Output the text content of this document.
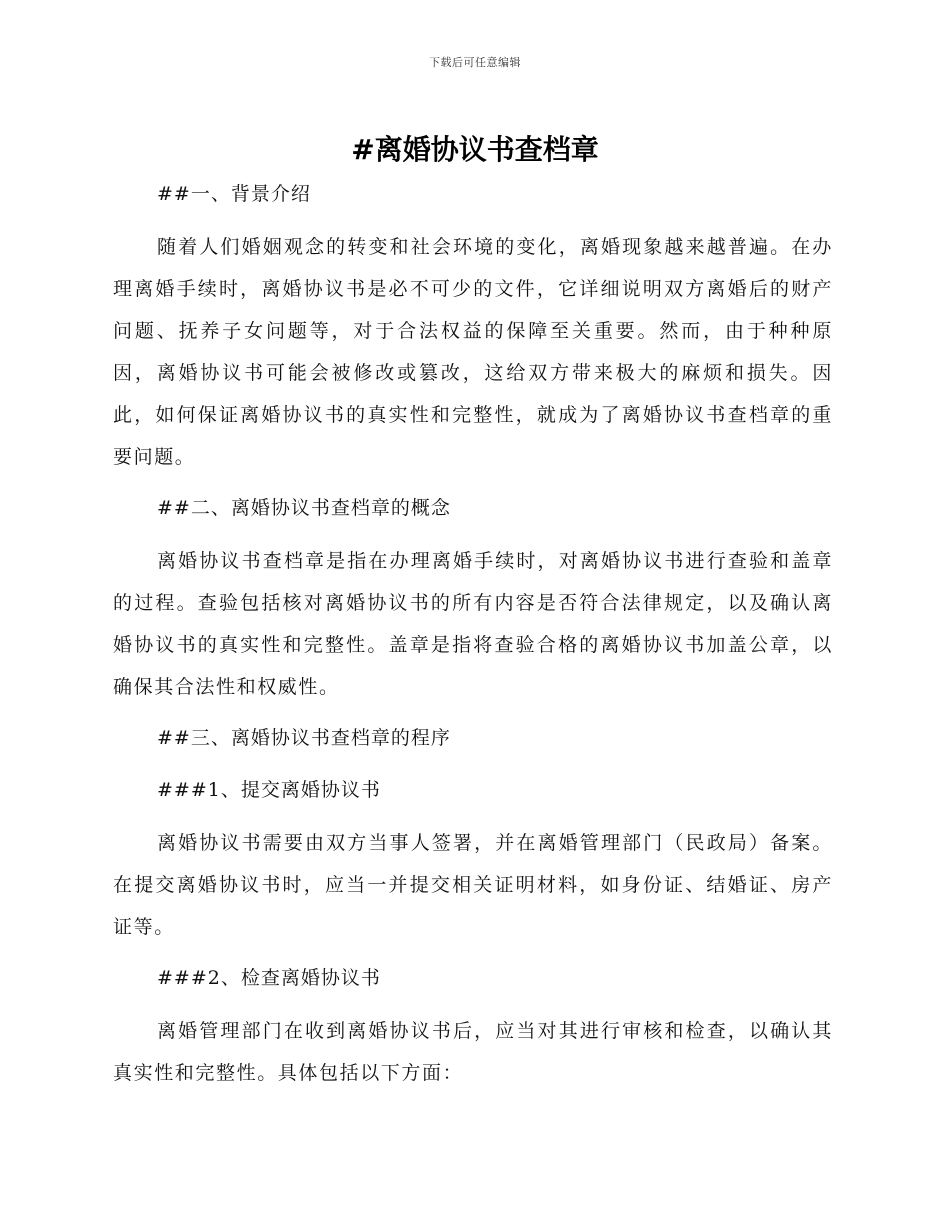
下载后可任意编辑
#离婚协议书查档章
##一、背景介绍
随着人们婚姻观念的转变和社会环境的变化，离婚现象越来越普遍。在办理离婚手续时，离婚协议书是必不可少的文件，它详细说明双方离婚后的财产问题、抚养子女问题等，对于合法权益的保障至关重要。然而，由于种种原因，离婚协议书可能会被修改或篡改，这给双方带来极大的麻烦和损失。因此，如何保证离婚协议书的真实性和完整性，就成为了离婚协议书查档章的重要问题。
##二、离婚协议书查档章的概念
离婚协议书查档章是指在办理离婚手续时，对离婚协议书进行查验和盖章的过程。查验包括核对离婚协议书的所有内容是否符合法律规定，以及确认离婚协议书的真实性和完整性。盖章是指将查验合格的离婚协议书加盖公章，以确保其合法性和权威性。
##三、离婚协议书查档章的程序
###1、提交离婚协议书
离婚协议书需要由双方当事人签署，并在离婚管理部门（民政局）备案。在提交离婚协议书时，应当一并提交相关证明材料，如身份证、结婚证、房产证等。
###2、检查离婚协议书
离婚管理部门在收到离婚协议书后，应当对其进行审核和检查，以确认其真实性和完整性。具体包括以下方面：
